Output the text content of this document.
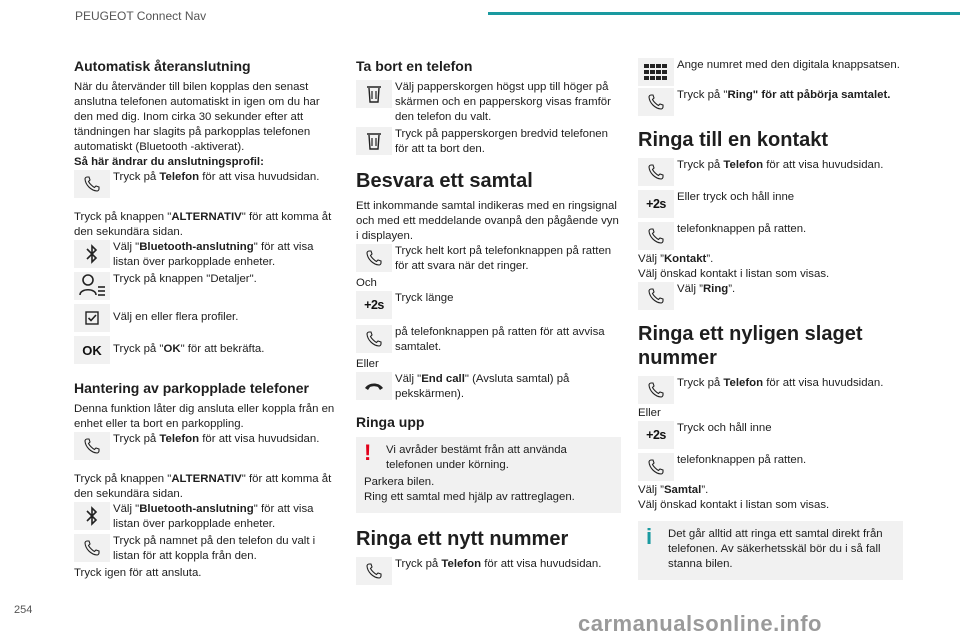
PEUGEOT Connect Nav
254
Automatisk återanslutning

När du återvänder till bilen kopplas den senast anslutna telefonen automatiskt in igen om du har den med dig. Inom cirka 30 sekunder efter att tändningen har slagits på parkopplas telefonen automatiskt (Bluetooth -aktiverat).

Så här ändrar du anslutningsprofil:

Tryck på Telefon för att visa huvudsidan.

Tryck på knappen "ALTERNATIV" för att komma åt den sekundära sidan.

Välj "Bluetooth-anslutning" för att visa listan över parkopplade enheter.
Tryck på knappen "Detaljer".
Välj en eller flera profiler.
OK Tryck på "OK" för att bekräfta.
Hantering av parkopplade telefoner

Denna funktion låter dig ansluta eller koppla från en enhet eller ta bort en parkoppling.

Tryck på Telefon för att visa huvudsidan.

Tryck på knappen "ALTERNATIV" för att komma åt den sekundära sidan.

Välj "Bluetooth-anslutning" för att visa listan över parkopplade enheter.
Tryck på namnet på den telefon du valt i listan för att koppla från den.

Tryck igen för att ansluta.

Ta bort en telefon
Välj papperskorgen högst upp till höger på skärmen och en papperskorg visas framför den telefon du valt.
Tryck på papperskorgen bredvid telefonen för att ta bort den.
Besvara ett samtal

Ett inkommande samtal indikeras med en ringsignal och med ett meddelande ovanpå den pågående vyn i displayen.

Tryck helt kort på telefonknappen på ratten för att svara när det ringer.

Och

+2s Tryck länge
på telefonknappen på ratten för att avvisa samtalet.

Eller

Välj "End call" (Avsluta samtal) på pekskärmen).
Ringa upp
!	Vi avråder bestämt från att använda telefonen under körning.
Parkera bilen.
Ring ett samtal med hjälp av rattreglagen.
Ringa ett nytt nummer
Tryck på Telefon för att visa huvudsidan.
Ange numret med den digitala knappsatsen.
Tryck på "Ring" för att påbörja samtalet.
Ringa till en kontakt
Tryck på Telefon för att visa huvudsidan.
+2s Eller tryck och håll inne
telefonknappen på ratten.

Välj ”Kontakt”.

Välj önskad kontakt i listan som visas.

Välj ”Ring”.
Ringa ett nyligen slaget nummer
Tryck på Telefon för att visa huvudsidan.

Eller

+2s Tryck och håll inne
telefonknappen på ratten.

Välj ”Samtal”.

Välj önskad kontakt i listan som visas.

i	Det går alltid att ringa ett samtal direkt från telefonen. Av säkerhetsskäl bör du i så fall stanna bilen.
carmanualsonline.info
